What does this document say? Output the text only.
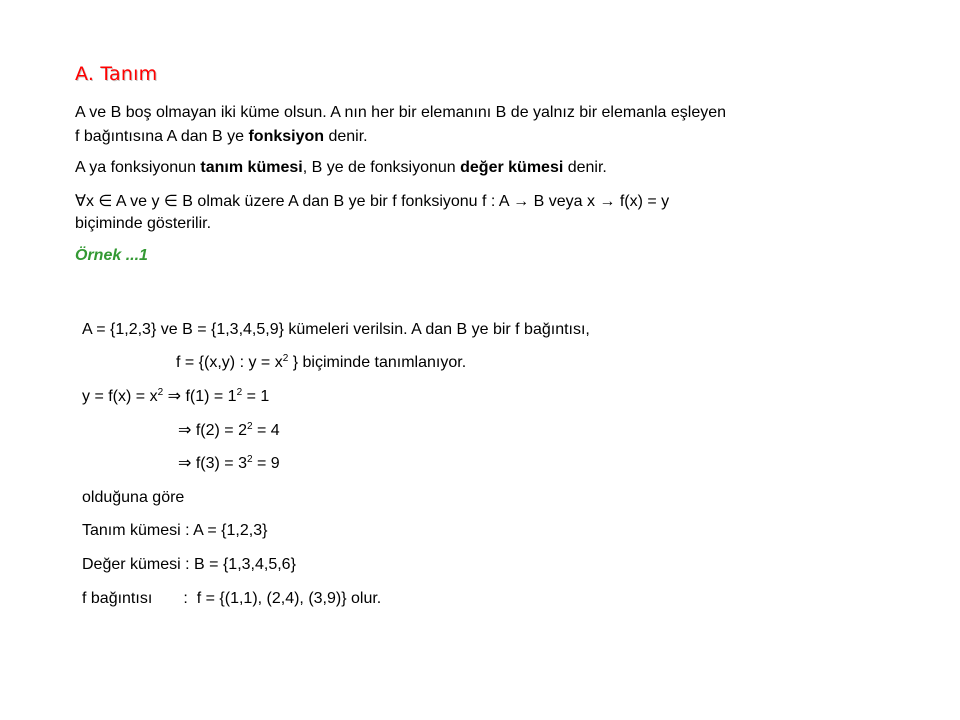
A. Tanım
A ve B boş olmayan iki küme olsun. A nın her bir elemanını B de yalnız bir elemanla eşleyen
f bağıntısına A dan B ye fonksiyon denir.
A ya fonksiyonun tanım kümesi, B ye de fonksiyonun değer kümesi denir.
∀x ∈ A ve y ∈ B olmak üzere A dan B ye bir f fonksiyonu f : A → B veya x → f(x) = y
biçiminde gösterilir.
Örnek ...1
A = {1,2,3} ve B = {1,3,4,5,9} kümeleri verilsin. A dan B ye bir f bağıntısı,
f = {(x,y) : $y = x^2$ } biçiminde tanımlanıyor.
$y = f(x) = x^2$ ⇒ $f(1) = 1^2 = 1$
⇒ $f(2) = 2^2 = 4$
⇒ $f(3) = 3^2 = 9$
olduğuna göre
Tanım kümesi : A = {1,2,3}
Değer kümesi : B = {1,3,4,5,6}
f bağıntısı       :  f = {(1,1), (2,4), (3,9)} olur.
